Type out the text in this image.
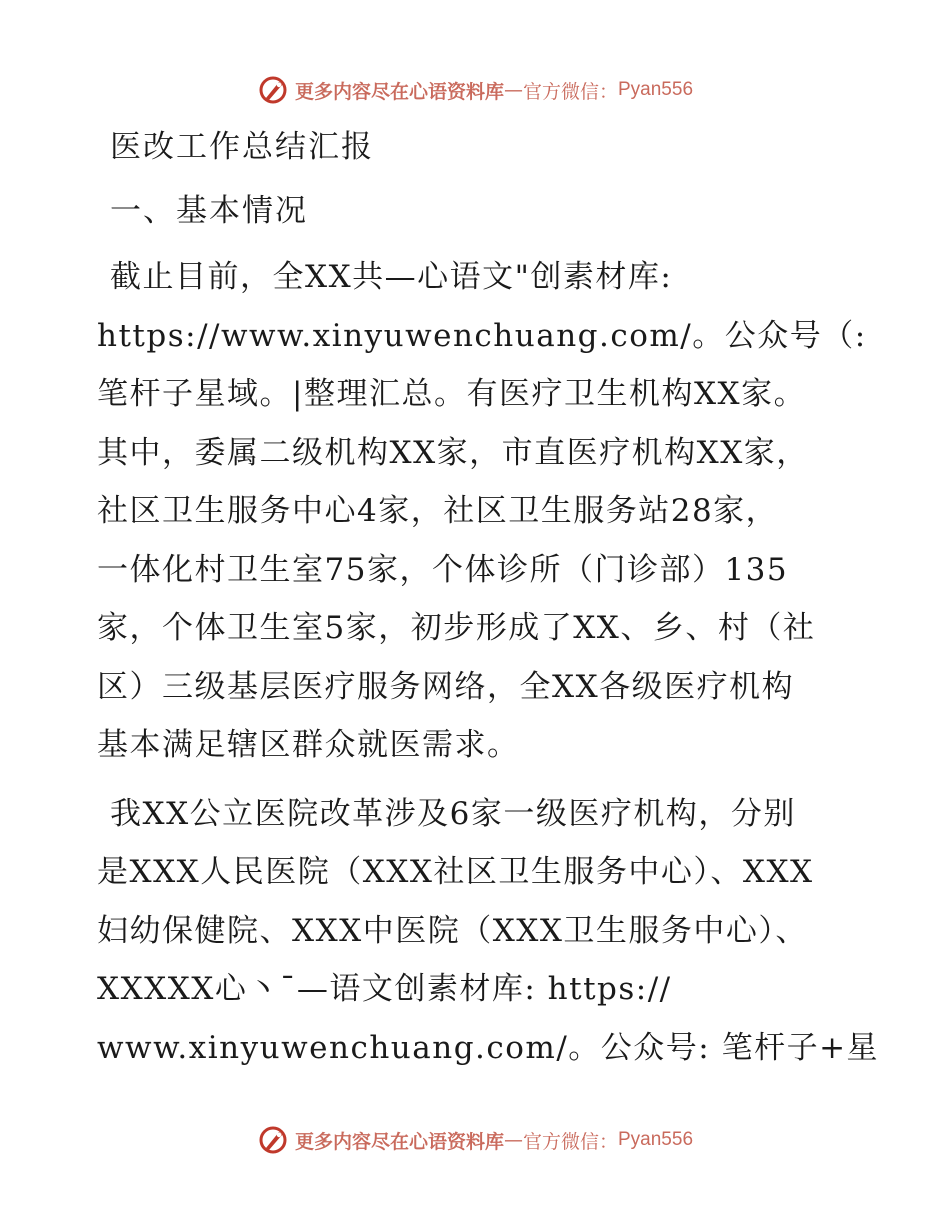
更多内容尽在心语资料库 — 官方微信： Pyan556
医改工作总结汇报
一、基本情况
截止目前，全XX共—心语文"创素材库:
https://www.xinyuwenchuang.com/。公众号（:
笔杆子星域。|整理汇总。有医疗卫生机构XX家。
其中，委属二级机构XX家，市直医疗机构XX家，
社区卫生服务中心4家，社区卫生服务站28家，
一体化村卫生室75家，个体诊所（门诊部）135
家，个体卫生室5家，初步形成了XX、乡、村（社
区）三级基层医疗服务网络，全XX各级医疗机构
基本满足辖区群众就医需求。
我XX公立医院改革涉及6家一级医疗机构，分别
是XXX人民医院（XXX社区卫生服务中心）、XXX
妇幼保健院、XXX中医院（XXX卫生服务中心）、
XXXXX心丶¯—语文创素材库: https://
www.xinyuwenchuang.com/。公众号: 笔杆子+星
更多内容尽在心语资料库 — 官方微信： Pyan556
